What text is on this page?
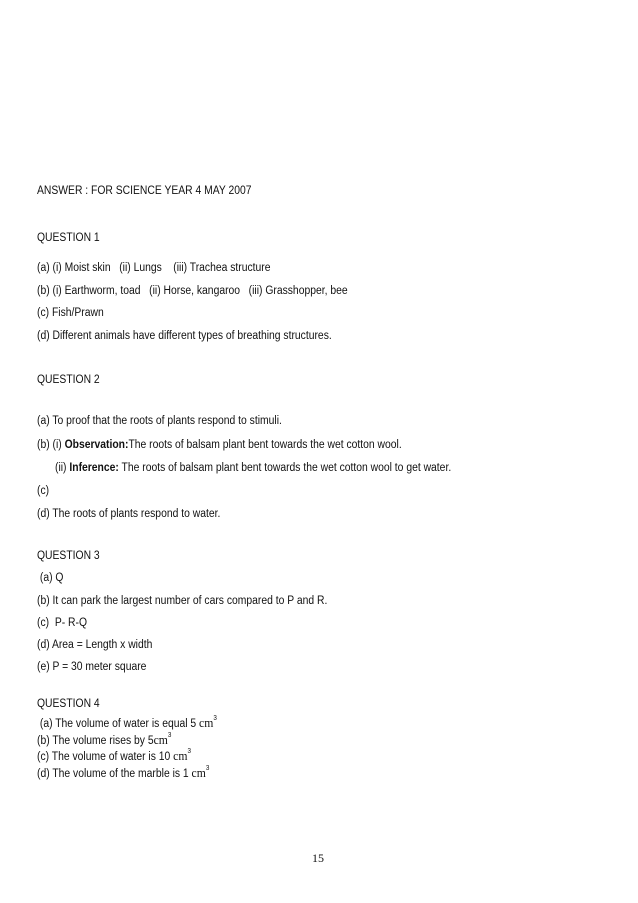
ANSWER : FOR SCIENCE YEAR 4 MAY 2007
QUESTION 1
(a) (i) Moist skin   (ii) Lungs    (iii) Trachea structure
(b) (i) Earthworm, toad   (ii) Horse, kangaroo   (iii) Grasshopper, bee
(c) Fish/Prawn
(d) Different animals have different types of breathing structures.
QUESTION 2
(a) To proof that the roots of plants respond to stimuli.
(b) (i) Observation:The roots of balsam plant bent towards the wet cotton wool.
(ii) Inference: The roots of balsam plant bent towards the wet cotton wool to get water.
(c)
(d) The roots of plants respond to water.
QUESTION 3
(a) Q
(b) It can park the largest number of cars compared to P and R.
(c)  P- R-Q
(d) Area = Length x width
(e) P = 30 meter square
QUESTION 4
(a) The volume of water is equal 5 $cm^3$
(b) The volume rises by $5cm^3$
(c) The volume of water is 10 $cm^3$
(d) The volume of the marble is 1 $cm^3$
15
